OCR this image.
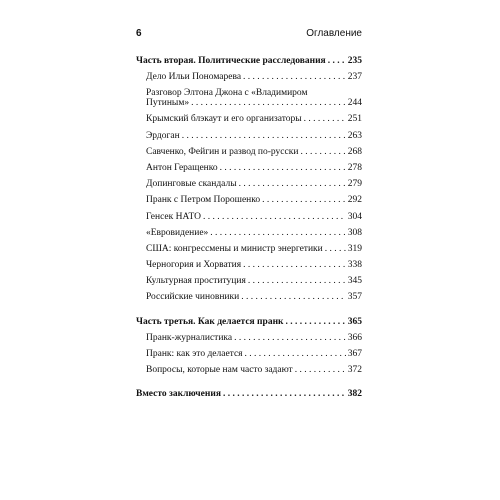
6	Оглавление
Часть вторая. Политические расследования . . . 235
Дело Ильи Пономарева . . .	237
Разговор Элтона Джона с «Владимиром
Путиным» . . .	244
Крымский блэкаут и его организаторы . . .	251
Эрдоган . . .	263
Савченко, Фейгин и развод по-русски . . .	268
Антон Геращенко . . .	278
Допинговые скандалы . . .	279
Пранк с Петром Порошенко . . .	292
Генсек НАТО . . .	304
«Евровидение» . . .	308
США: конгрессмены и министр энергетики . . .	319
Черногория и Хорватия . . .	338
Культурная проституция . . .	345
Российские чиновники . . .	357
Часть третья. Как делается пранк . . .	365
Пранк-журналистика . . .	366
Пранк: как это делается . . .	367
Вопросы, которые нам часто задают . . .	372
Вместо заключения . . .	382
